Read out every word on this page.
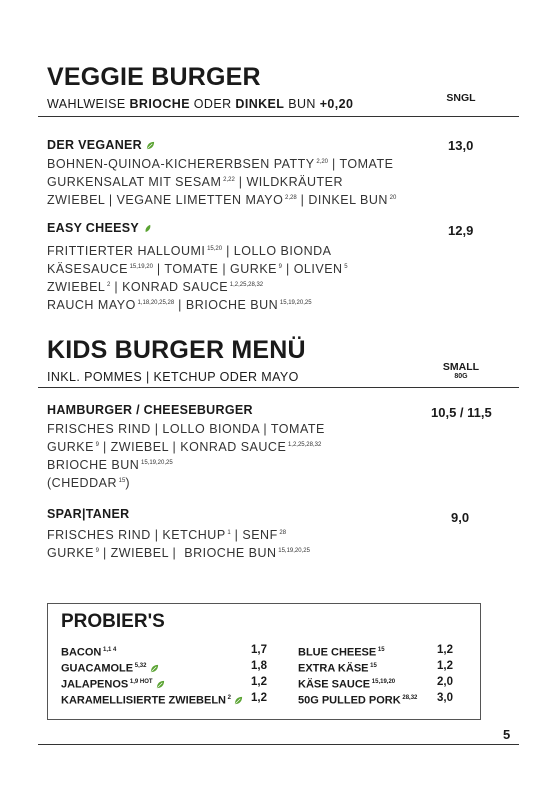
VEGGIE BURGER
WAHLWEISE BRIOCHE ODER DINKEL BUN +0,20	SNGL
DER VEGANER	13,0
BOHNEN-QUINOA-KICHERERBSEN PATTY $^{2,20}$ | TOMATE
GURKENSALAT MIT SESAM $^{2,22}$ | WILDKRÄUTER
ZWIEBEL | VEGANE LIMETTEN MAYO $^{2,28}$ | DINKEL BUN $^{20}$
EASY CHEESY	12,9
FRITTIERTER HALLOUMI $^{15,20}$ | LOLLO BIONDA
KÄSESAUCE $^{15,19,20}$ | TOMATE | GURKE $^9$ | OLIVEN $^5$
ZWIEBEL $^2$ | KONRAD SAUCE $^{1,2,25,28,32}$
RAUCH MAYO $^{1,18,20,25,28}$ | BRIOCHE BUN $^{15,19,20,25}$
KIDS BURGER MENÜ
INKL. POMMES | KETCHUP ODER MAYO
SMALL
80G
HAMBURGER / CHEESEBURGER	10,5 / 11,5
FRISCHES RIND | LOLLO BIONDA | TOMATE
GURKE $^9$ | ZWIEBEL | KONRAD SAUCE $^{1,2,25,28,32}$
BRIOCHE BUN $^{15,19,20,25}$
(CHEDDAR $^{15}$)
SPAR|TANER	9,0
FRISCHES RIND | KETCHUP $^1$ | SENF $^{28}$
GURKE $^9$ | ZWIEBEL |  BRIOCHE BUN $^{15,19,20,25}$
PROBIER'S
BACON $^{1,1 4}$	1,7
GUACAMOLE $^{5,32}$	1,8
JALAPENOS $^{1,9 HOT}$	1,2
KARAMELLISIERTE ZWIEBELN $^2$	1,2
BLUE CHEESE $^{15}$	1,2
EXTRA KÄSE $^{15}$	1,2
KÄSE SAUCE $^{15,19,20}$	2,0
50G PULLED PORK $^{28,32}$ 3,0
5
